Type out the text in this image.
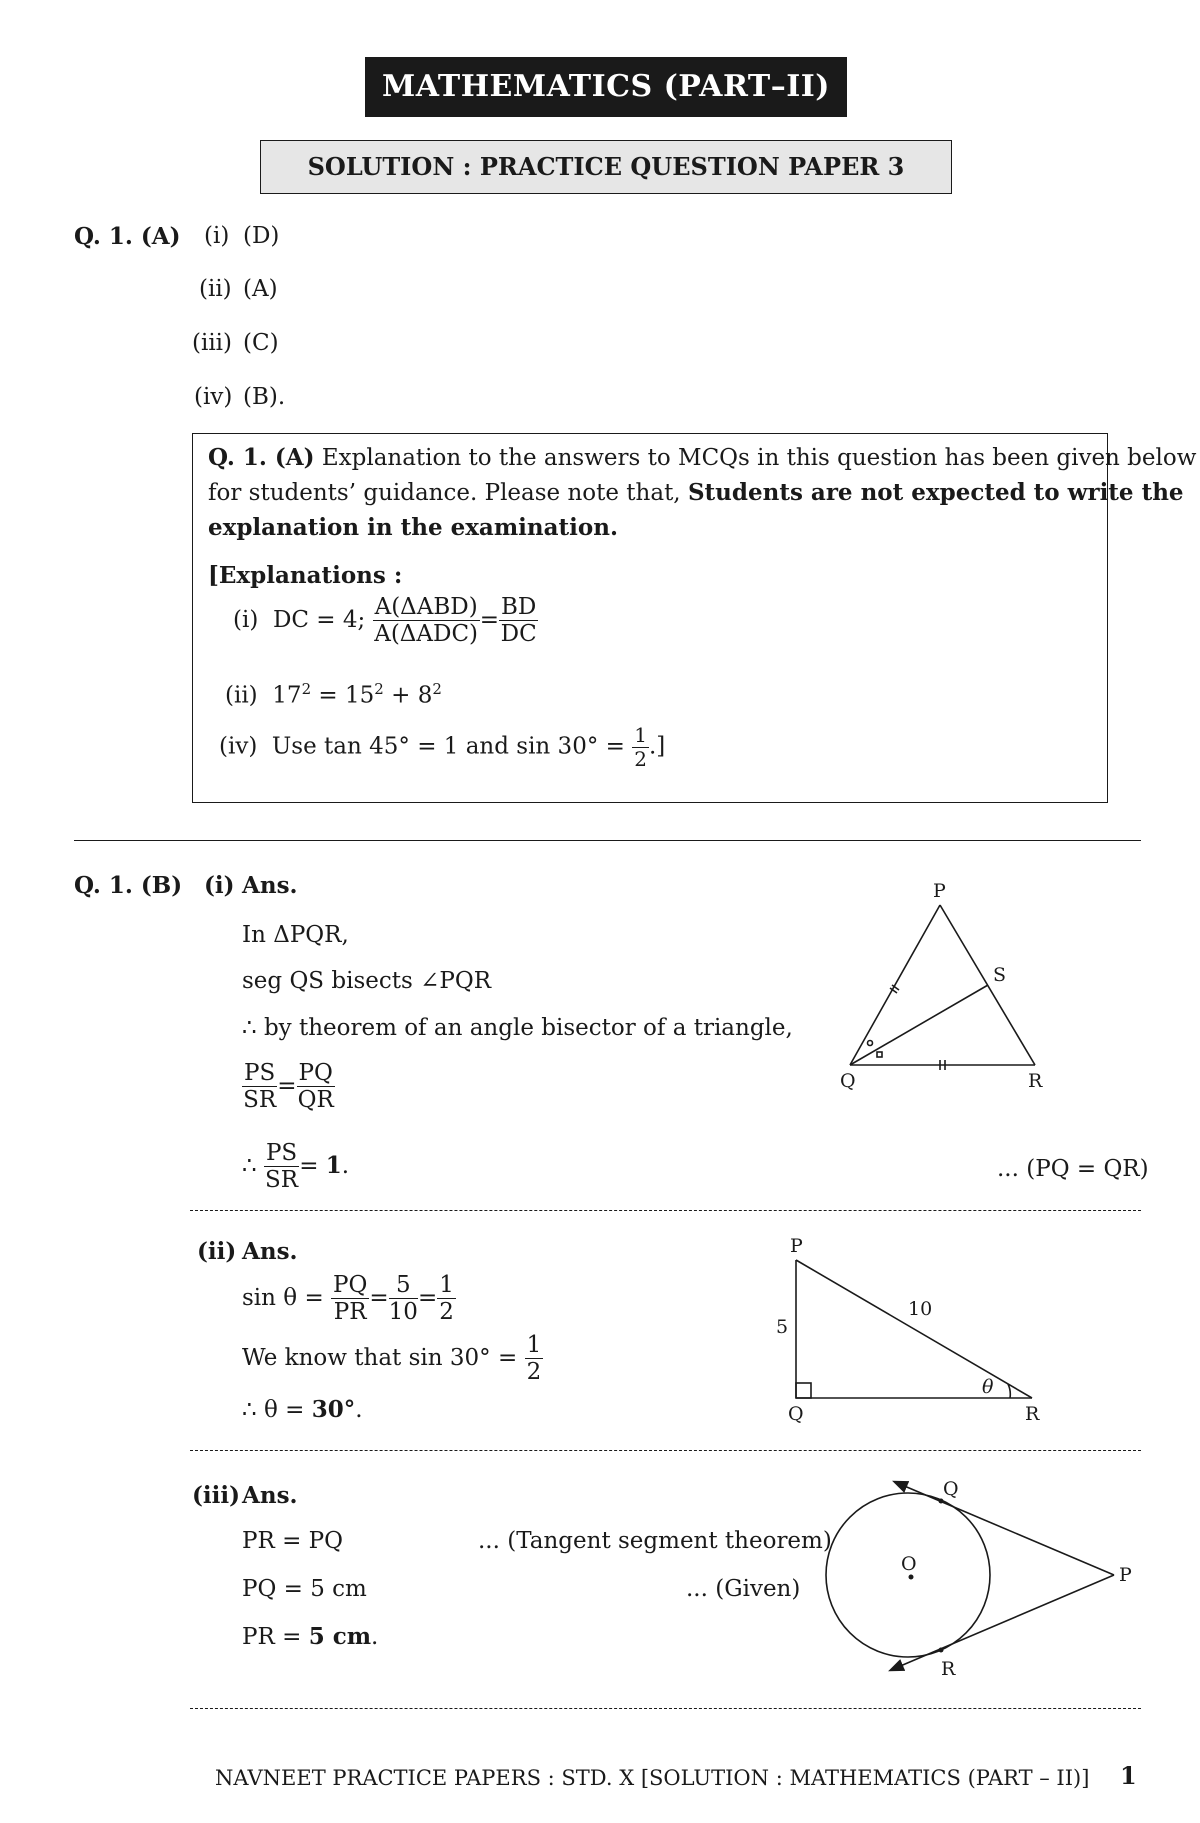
MATHEMATICS (PART–II)
SOLUTION : PRACTICE QUESTION PAPER 3
Q. 1. (A) (i) (D)
(ii) (A)
(iii) (C)
(iv) (B).
Q. 1. (A) Explanation to the answers to MCQs in this question has been given below
for students’ guidance. Please note that, Students are not expected to write the
explanation in the examination.
[Explanations :
(i) DC = 4; $\frac{\text{A(ΔABD)}}{\text{A(ΔADC)}} = \frac{BD}{DC}$
(ii) $17^2 = 15^2 + 8^2$
(iv) Use tan 45° = 1 and $\sin 30^\circ = \frac{1}{2}$ .]
Q. 1. (B) (i) Ans.
In ΔPQR,
seg QS bisects ∠PQR
∴ by theorem of an angle bisector of a triangle,
$\frac{PS}{SR} = \frac{PQ}{QR}$
∴ $\frac{PS}{SR} = 1$.	... (PQ = QR)
P
Q	R
S
(ii) Ans.
$\sin \theta = \frac{PQ}{PR} = \frac{5}{10} = \frac{1}{2}$
We know that $\sin 30^\circ = \frac{1}{2}$
∴ θ = 30°.
P
Q	R
5
10
θ
(iii) Ans.
PR = PQ	... (Tangent segment theorem)
PQ = 5 cm	... (Given)
PR = 5 cm.
O
Q
R
P
NAVNEET PRACTICE PAPERS : STD. X [SOLUTION : MATHEMATICS (PART – II)] 1
